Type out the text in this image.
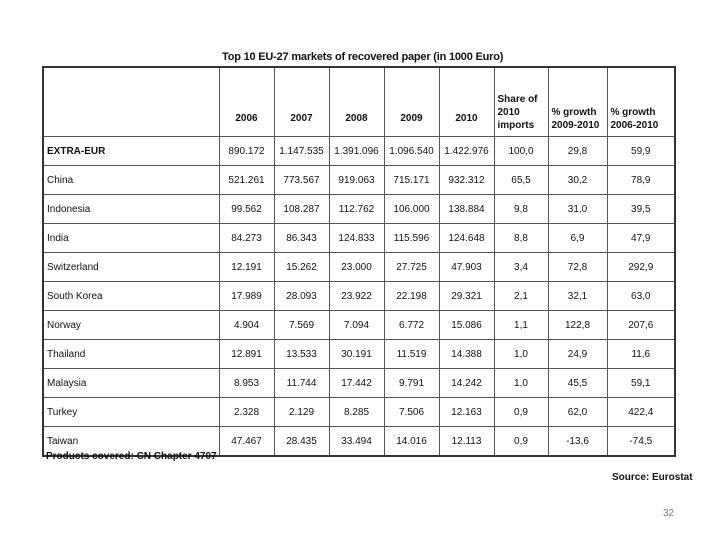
Top 10 EU-27 markets of recovered paper (in 1000 Euro)
	2006	2007	2008	2009	2010	Share of 2010 imports	% growth 2009-2010	% growth 2006-2010
EXTRA-EUR	890.172	1.147.535	1.391.096	1.096.540	1.422.976	100,0	29,8	59,9
China	521.261	773.567	919.063	715.171	932.312	65,5	30,2	78,9
Indonesia	99.562	108.287	112.762	106.000	138.884	9,8	31,0	39,5
India	84.273	86.343	124.833	115.596	124.648	8,8	6,9	47,9
Switzerland	12.191	15.262	23.000	27.725	47.903	3,4	72,8	292,9
South Korea	17.989	28.093	23.922	22.198	29.321	2,1	32,1	63,0
Norway	4.904	7.569	7.094	6.772	15.086	1,1	122,8	207,6
Thailand	12.891	13.533	30.191	11.519	14.388	1,0	24,9	11,6
Malaysia	8.953	11.744	17.442	9.791	14.242	1,0	45,5	59,1
Turkey	2.328	2.129	8.285	7.506	12.163	0,9	62,0	422,4
Taiwan	47.467	28.435	33.494	14.016	12.113	0,9	-13,6	-74,5
Products covered: CN Chapter 4707
Source: Eurostat
32
